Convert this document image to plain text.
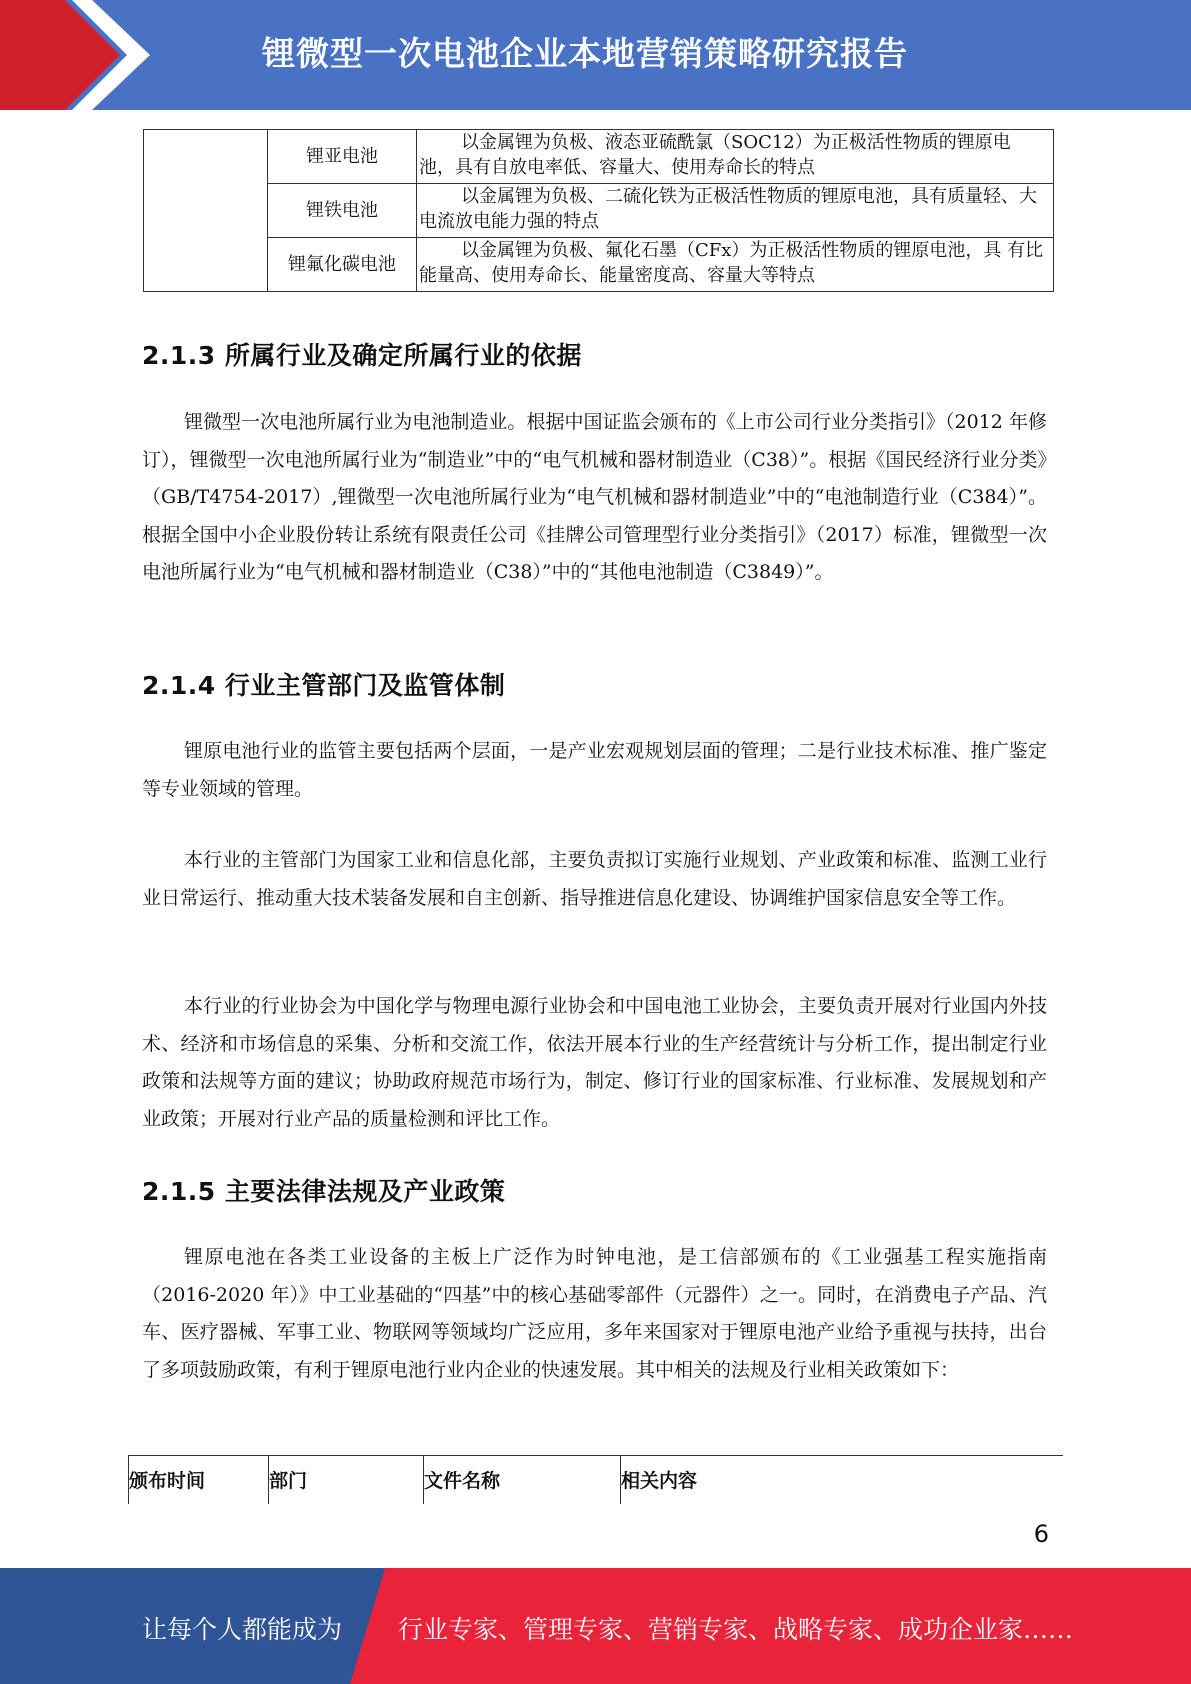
锂微型一次电池企业本地营销策略研究报告
	锂亚电池	以金属锂为负极、液态亚硫酰氯（SOC12）为正极活性物质的锂原电 池，具有自放电率低、容量大、使用寿命长的特点

	锂铁电池	以金属锂为负极、二硫化铁为正极活性物质的锂原电池，具有质量轻、大电流放电能力强的特点

	锂氟化碳电池	以金属锂为负极、氟化石墨（CFx）为正极活性物质的锂原电池，具 有比能量高、使用寿命长、能量密度高、容量大等特点
2.1.3 所属行业及确定所属行业的依据

锂微型一次电池所属行业为电池制造业。根据中国证监会颁布的《上市公司行业分类指引》（2012 年修订），锂微型一次电池所属行业为“制造业”中的“电气机械和器材制造业（C38）”。根据《国民经济行业分类》（GB/T4754-2017）,锂微型一次电池所属行业为“电气机械和器材制造业”中的“电池制造行业（C384）”。根据全国中小企业股份转让系统有限责任公司《挂牌公司管理型行业分类指引》（2017）标准，锂微型一次电池所属行业为“电气机械和器材制造业（C38）”中的“其他电池制造（C3849）”。

2.1.4 行业主管部门及监管体制

锂原电池行业的监管主要包括两个层面，一是产业宏观规划层面的管理；二是行业技术标准、推广鉴定等专业领域的管理。

本行业的主管部门为国家工业和信息化部，主要负责拟订实施行业规划、产业政策和标准、监测工业行业日常运行、推动重大技术装备发展和自主创新、指导推进信息化建设、协调维护国家信息安全等工作。

本行业的行业协会为中国化学与物理电源行业协会和中国电池工业协会，主要负责开展对行业国内外技术、经济和市场信息的采集、分析和交流工作，依法开展本行业的生产经营统计与分析工作，提出制定行业政策和法规等方面的建议；协助政府规范市场行为，制定、修订行业的国家标准、行业标准、发展规划和产业政策；开展对行业产品的质量检测和评比工作。

2.1.5 主要法律法规及产业政策

锂原电池在各类工业设备的主板上广泛作为时钟电池，是工信部颁布的《工业强基工程实施指南（2016-2020 年）》中工业基础的“四基”中的核心基础零部件（元器件）之一。同时，在消费电子产品、汽车、医疗器械、军事工业、物联网等领域均广泛应用，多年来国家对于锂原电池产业给予重视与扶持，出台了多项鼓励政策，有利于锂原电池行业内企业的快速发展。其中相关的法规及行业相关政策如下：

颁布时间	部门	文件名称	相关内容
6
让每个人都能成为 行业专家、管理专家、营销专家、战略专家、成功企业家……
